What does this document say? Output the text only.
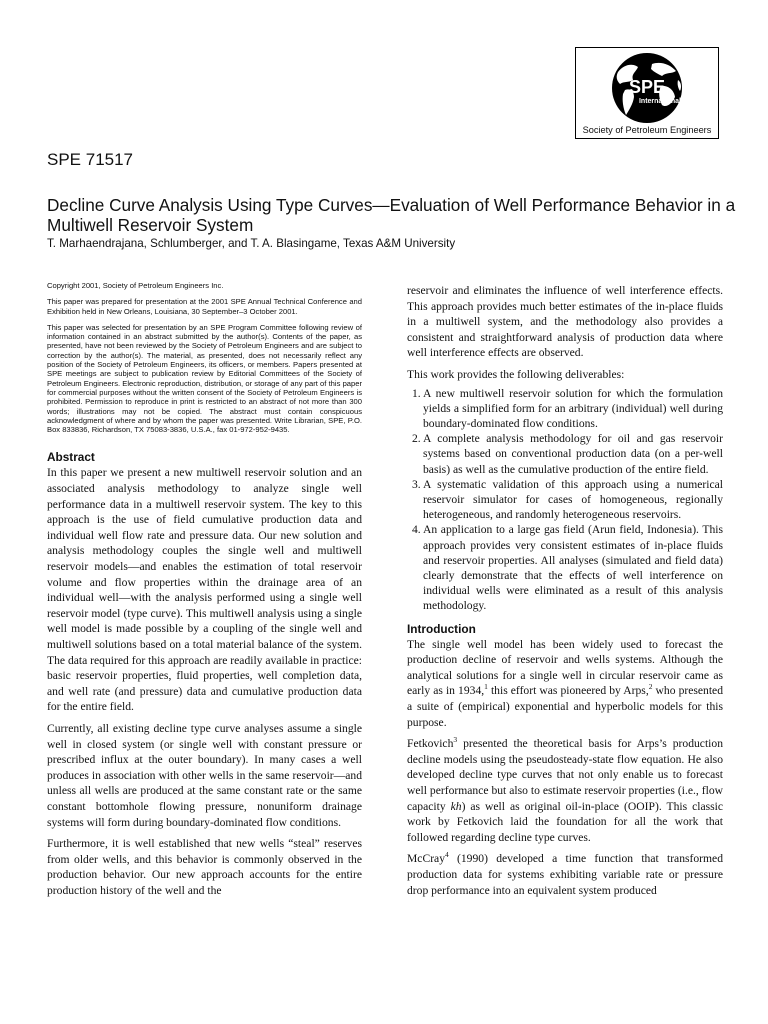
SPE
International
Society of Petroleum Engineers
SPE 71517
Decline Curve Analysis Using Type Curves—Evaluation of Well Performance Behavior in a Multiwell Reservoir System
T. Marhaendrajana, Schlumberger, and T. A. Blasingame, Texas A&M University

Copyright 2001, Society of Petroleum Engineers Inc.

This paper was prepared for presentation at the 2001 SPE Annual Technical Conference and Exhibition held in New Orleans, Louisiana, 30 September–3 October 2001.

This paper was selected for presentation by an SPE Program Committee following review of information contained in an abstract submitted by the author(s). Contents of the paper, as presented, have not been reviewed by the Society of Petroleum Engineers and are subject to correction by the author(s). The material, as presented, does not necessarily reflect any position of the Society of Petroleum Engineers, its officers, or members. Papers presented at SPE meetings are subject to publication review by Editorial Committees of the Society of Petroleum Engineers. Electronic reproduction, distribution, or storage of any part of this paper for commercial purposes without the written consent of the Society of Petroleum Engineers is prohibited. Permission to reproduce in print is restricted to an abstract of not more than 300 words; illustrations may not be copied. The abstract must contain conspicuous acknowledgment of where and by whom the paper was presented. Write Librarian, SPE, P.O. Box 833836, Richardson, TX 75083-3836, U.S.A., fax 01-972-952-9435.

Abstract

In this paper we present a new multiwell reservoir solution and an associated analysis methodology to analyze single well performance data in a multiwell reservoir system. The key to this approach is the use of field cumulative production data and individual well flow rate and pressure data. Our new solution and analysis methodology couples the single well and multiwell reservoir models—and enables the estimation of total reservoir volume and flow properties within the drainage area of an individual well—with the analysis performed using a single well reservoir model (type curve). This multiwell analysis using a single well model is made possible by a coupling of the single well and multiwell solutions based on a total material balance of the system. The data required for this approach are readily available in practice: basic reservoir properties, fluid properties, well completion data, and well rate (and pressure) data and cumulative production data for the entire field.

Currently, all existing decline type curve analyses assume a single well in closed system (or single well with constant pressure or prescribed influx at the outer boundary). In many cases a well produces in association with other wells in the same reservoir—and unless all wells are produced at the same constant rate or the same constant bottomhole flowing pressure, nonuniform drainage systems will form during boundary-dominated flow conditions.

Furthermore, it is well established that new wells “steal” reserves from older wells, and this behavior is commonly observed in the production behavior. Our new approach accounts for the entire production history of the well and the

reservoir and eliminates the influence of well interference effects. This approach provides much better estimates of the in-place fluids in a multiwell system, and the methodology also provides a consistent and straightforward analysis of production data where well interference effects are observed.

This work provides the following deliverables:

1. A new multiwell reservoir solution for which the formulation yields a simplified form for an arbitrary (individual) well during boundary-dominated flow conditions.
2. A complete analysis methodology for oil and gas reservoir systems based on conventional production data (on a per-well basis) as well as the cumulative production of the entire field.
3. A systematic validation of this approach using a numerical reservoir simulator for cases of homogeneous, regionally heterogeneous, and randomly heterogeneous reservoirs.
4. An application to a large gas field (Arun field, Indonesia). This approach provides very consistent estimates of in-place fluids and reservoir properties. All analyses (simulated and field data) clearly demonstrate that the effects of well interference on individual wells were eliminated as a result of this analysis methodology.
Introduction

The single well model has been widely used to forecast the production decline of reservoir and wells systems. Although the analytical solutions for a single well in circular reservoir came as early as in 1934,$^1$ this effort was pioneered by Arps,$^2$ who presented a suite of (empirical) exponential and hyperbolic models for this purpose.

Fetkovich$^3$ presented the theoretical basis for Arps’s production decline models using the pseudosteady-state flow equation. He also developed decline type curves that not only enable us to forecast well performance but also to estimate reservoir properties (i.e., flow capacity kh) as well as original oil-in-place (OOIP). This classic work by Fetkovich laid the foundation for all the work that followed regarding decline type curves.

McCray$^4$ (1990) developed a time function that transformed production data for systems exhibiting variable rate or pressure drop performance into an equivalent system produced
